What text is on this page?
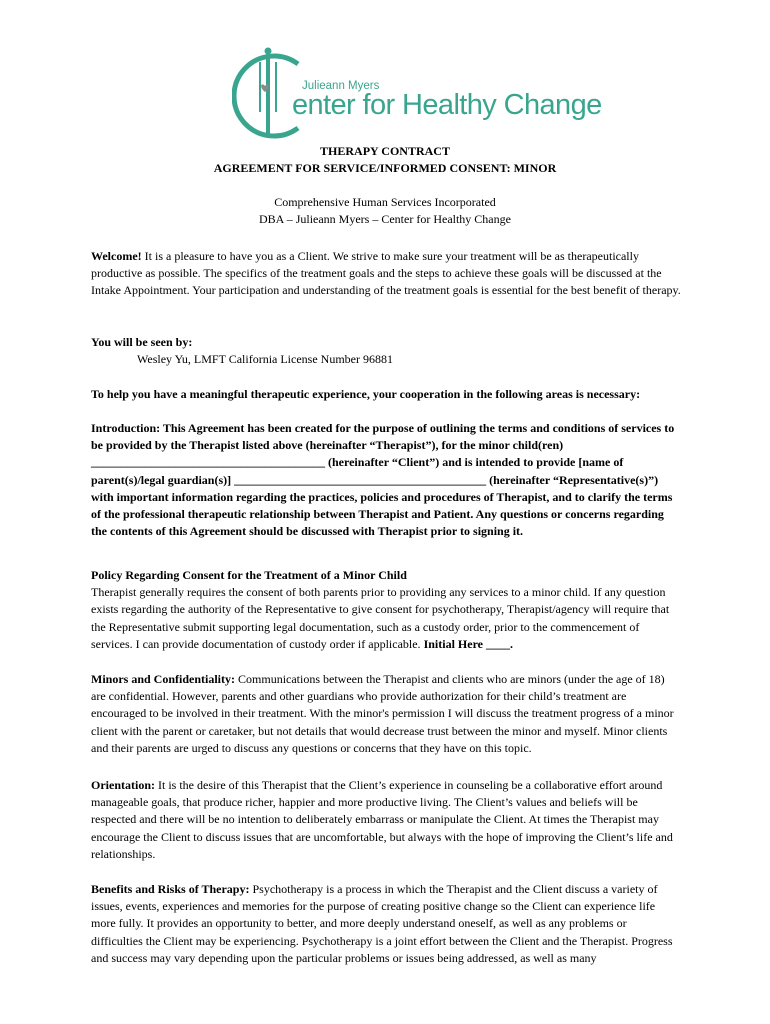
Julieann Myers
enter for Healthy Change
THERAPY CONTRACT
AGREEMENT FOR SERVICE/INFORMED CONSENT: MINOR
Comprehensive Human Services Incorporated
DBA – Julieann Myers – Center for Healthy Change

Welcome! It is a pleasure to have you as a Client. We strive to make sure your treatment will be as therapeutically productive as possible. The specifics of the treatment goals and the steps to achieve these goals will be discussed at the Intake Appointment. Your participation and understanding of the treatment goals is essential for the best benefit of therapy.

You will be seen by:

Wesley Yu, LMFT California License Number 96881

To help you have a meaningful therapeutic experience, your cooperation in the following areas is necessary:
Introduction: This Agreement has been created for the purpose of outlining the terms and conditions of services to be provided by the Therapist listed above (hereinafter “Therapist”), for the minor child(ren) _______________________________________ (hereinafter “Client”) and is intended to provide [name of parent(s)/legal guardian(s)] __________________________________________ (hereinafter “Representative(s)”) with important information regarding the practices, policies and procedures of Therapist, and to clarify the terms of the professional therapeutic relationship between Therapist and Patient. Any questions or concerns regarding the contents of this Agreement should be discussed with Therapist prior to signing it.

Policy Regarding Consent for the Treatment of a Minor Child

Therapist generally requires the consent of both parents prior to providing any services to a minor child. If any question exists regarding the authority of the Representative to give consent for psychotherapy, Therapist/agency will require that the Representative submit supporting legal documentation, such as a custody order, prior to the commencement of services. I can provide documentation of custody order if applicable. Initial Here ____.

Minors and Confidentiality: Communications between the Therapist and clients who are minors (under the age of 18) are confidential. However, parents and other guardians who provide authorization for their child’s treatment are encouraged to be involved in their treatment. With the minor's permission I will discuss the treatment progress of a minor client with the parent or caretaker, but not details that would decrease trust between the minor and myself. Minor clients and their parents are urged to discuss any questions or concerns that they have on this topic.

Orientation: It is the desire of this Therapist that the Client’s experience in counseling be a collaborative effort around manageable goals, that produce richer, happier and more productive living. The Client’s values and beliefs will be respected and there will be no intention to deliberately embarrass or manipulate the Client. At times the Therapist may encourage the Client to discuss issues that are uncomfortable, but always with the hope of improving the Client’s life and relationships.

Benefits and Risks of Therapy: Psychotherapy is a process in which the Therapist and the Client discuss a variety of issues, events, experiences and memories for the purpose of creating positive change so the Client can experience life more fully. It provides an opportunity to better, and more deeply understand oneself, as well as any problems or difficulties the Client may be experiencing. Psychotherapy is a joint effort between the Client and the Therapist. Progress and success may vary depending upon the particular problems or issues being addressed, as well as many
